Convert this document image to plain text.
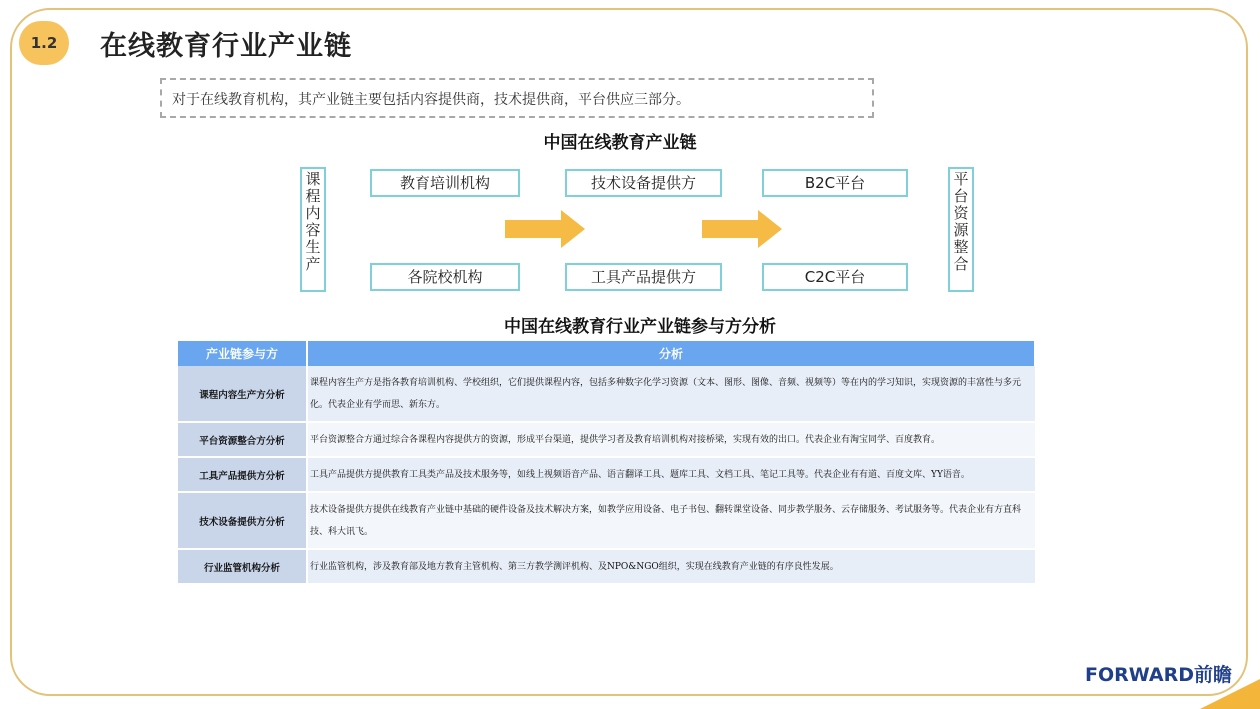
1.2	在线教育行业产业链
对于在线教育机构，其产业链主要包括内容提供商，技术提供商，平台供应三部分。
中国在线教育产业链
课程内容生产
平台资源整合
教育培训机构
各院校机构
技术设备提供方
工具产品提供方
B2C平台
C2C平台
中国在线教育行业产业链参与方分析
产业链参与方	分析
课程内容生产方分析	课程内容生产方是指各教育培训机构、学校组织，它们提供课程内容，包括多种数字化学习资源（文本、图形、图像、音频、视频等）等在内的学习知识，实现资源的丰富性与多元化。代表企业有学而思、新东方。
平台资源整合方分析	平台资源整合方通过综合各课程内容提供方的资源，形成平台渠道，提供学习者及教育培训机构对接桥梁，实现有效的出口。代表企业有淘宝同学、百度教育。
工具产品提供方分析	工具产品提供方提供教育工具类产品及技术服务等，如线上视频语音产品、语言翻译工具、题库工具、文档工具、笔记工具等。代表企业有有道、百度文库、YY语音。
技术设备提供方分析	技术设备提供方提供在线教育产业链中基础的硬件设备及技术解决方案，如教学应用设备、电子书包、翻转课堂设备、同步教学服务、云存储服务、考试服务等。代表企业有方直科技、科大讯飞。
行业监管机构分析	行业监管机构，涉及教育部及地方教育主管机构、第三方教学测评机构、及NPO&NGO组织，实现在线教育产业链的有序良性发展。
FORWARD前瞻
